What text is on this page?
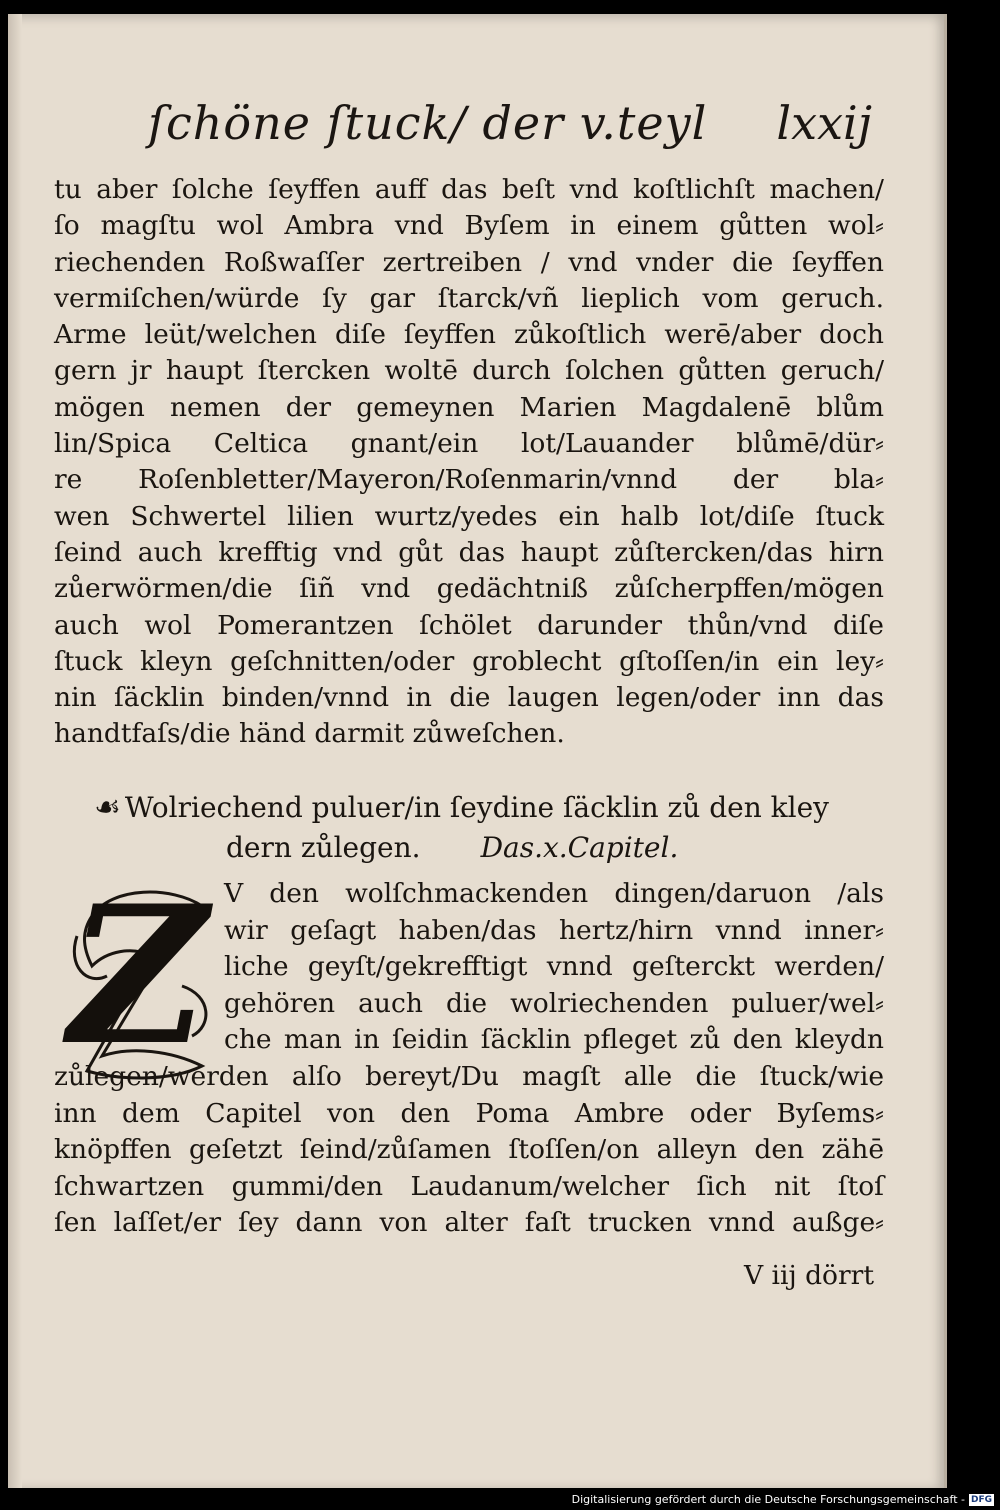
ſchöne ſtuck/ der v.teyl lxxij
tu aber ſolche ſeyffen auff das beſt vnd koſtlichſt machen/
ſo magſtu wol Ambra vnd Byſem in einem gůtten wol⸗
riechenden Roßwaſſer zertreiben / vnd vnder die ſeyffen
vermiſchen/würde ſy gar ſtarck/vñ lieplich vom geruch.
Arme leüt/welchen diſe ſeyffen zůkoſtlich werē/aber doch
gern jr haupt ſtercken woltē durch ſolchen gůtten geruch/
mögen nemen der gemeynen Marien Magdalenē blům
lin/Spica Celtica gnant/ein lot/Lauander blůmē/dür⸗
re Roſenbletter/Mayeron/Roſenmarin/vnnd der bla⸗
wen Schwertel lilien wurtz/yedes ein halb lot/diſe ſtuck
ſeind auch krefftig vnd gůt das haupt zůſtercken/das hirn
zůerwörmen/die ſiñ vnd gedächtniß zůſcherpffen/mögen
auch wol Pomerantzen ſchölet darunder thůn/vnd diſe
ſtuck kleyn geſchnitten/oder groblecht gſtoſſen/in ein ley⸗
nin ſäcklin binden/vnnd in die laugen legen/oder inn das
handtfaſs/die händ darmit zůweſchen.
☙ Wolriechend puluer/in ſeydine ſäcklin zů den kley
dern zůlegen. Das.x.Capitel.
Z V den wolſchmackenden dingen/daruon /als
wir geſagt haben/das hertz/hirn vnnd inner⸗
liche geyſt/gekrefftigt vnnd geſterckt werden/
gehören auch die wolriechenden puluer/wel⸗
che man in ſeidin ſäcklin pfleget zů den kleydn
zůlegen/werden alſo bereyt/Du magſt alle die ſtuck/wie
inn dem Capitel von den Poma Ambre oder Byſems⸗
knöpffen geſetzt ſeind/zůſamen ſtoſſen/on alleyn den zähē
ſchwartzen gummi/den Laudanum/welcher ſich nit ſtoſ
ſen laſſet/er ſey dann von alter faſt trucken vnnd außge⸗
V iij dörrt
Digitalisierung gefördert durch die Deutsche Forschungsgemeinschaft - DFG
